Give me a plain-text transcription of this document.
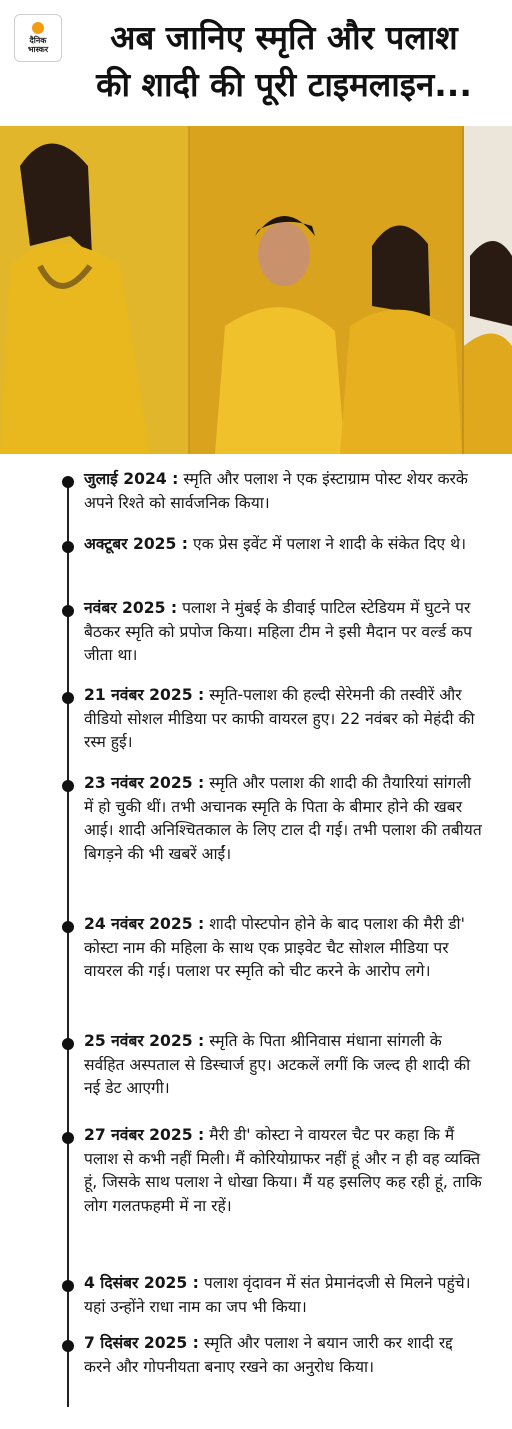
दैनिक
भास्कर	अब जानिए स्मृति और पलाश
की शादी की पूरी टाइमलाइन...
जुलाई 2024 : स्मृति और पलाश ने एक इंस्टाग्राम पोस्ट शेयर करके अपने रिश्ते को सार्वजनिक किया।
अक्टूबर 2025 : एक प्रेस इवेंट में पलाश ने शादी के संकेत दिए थे।
नवंबर 2025 : पलाश ने मुंबई के डीवाई पाटिल स्टेडियम में घुटने पर बैठकर स्मृति को प्रपोज किया। महिला टीम ने इसी मैदान पर वर्ल्ड कप जीता था।
21 नवंबर 2025 : स्मृति-पलाश की हल्दी सेरेमनी की तस्वीरें और वीडियो सोशल मीडिया पर काफी वायरल हुए। 22 नवंबर को मेहंदी की रस्म हुई।
23 नवंबर 2025 : स्मृति और पलाश की शादी की तैयारियां सांगली में हो चुकी थीं। तभी अचानक स्मृति के पिता के बीमार होने की खबर आई। शादी अनिश्चितकाल के लिए टाल दी गई। तभी पलाश की तबीयत बिगड़ने की भी खबरें आईं।
24 नवंबर 2025 : शादी पोस्टपोन होने के बाद पलाश की मैरी डी' कोस्टा नाम की महिला के साथ एक प्राइवेट चैट सोशल मीडिया पर वायरल की गई। पलाश पर स्मृति को चीट करने के आरोप लगे।
25 नवंबर 2025 : स्मृति के पिता श्रीनिवास मंधाना सांगली के सर्वहित अस्पताल से डिस्चार्ज हुए। अटकलें लगीं कि जल्द ही शादी की नई डेट आएगी।
27 नवंबर 2025 : मैरी डी' कोस्टा ने वायरल चैट पर कहा कि मैं पलाश से कभी नहीं मिली। मैं कोरियोग्राफर नहीं हूं और न ही वह व्यक्ति हूं, जिसके साथ पलाश ने धोखा किया। मैं यह इसलिए कह रही हूं, ताकि लोग गलतफहमी में ना रहें।
4 दिसंबर 2025 : पलाश वृंदावन में संत प्रेमानंदजी से मिलने पहुंचे। यहां उन्होंने राधा नाम का जप भी किया।
7 दिसंबर 2025 : स्मृति और पलाश ने बयान जारी कर शादी रद्द करने और गोपनीयता बनाए रखने का अनुरोध किया।
